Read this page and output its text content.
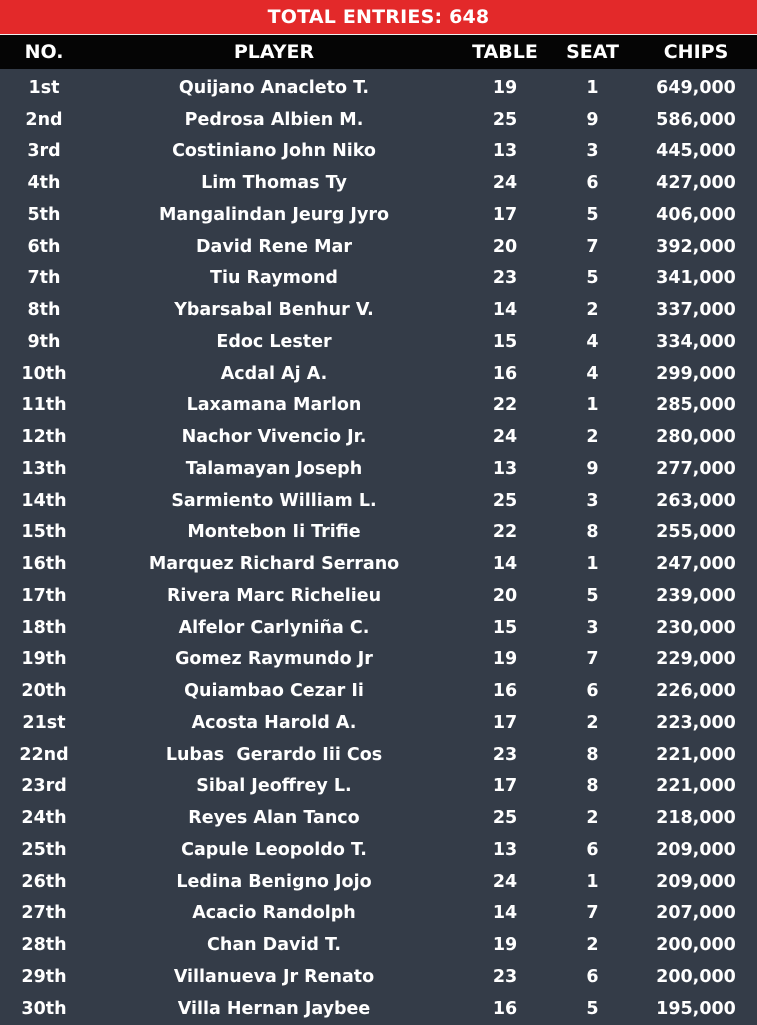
TOTAL ENTRIES: 648
NO.	PLAYER	TABLE	SEAT	CHIPS
1st	Quijano Anacleto T.	19	1	649,000
2nd	Pedrosa Albien M.	25	9	586,000
3rd	Costiniano John Niko	13	3	445,000
4th	Lim Thomas Ty	24	6	427,000
5th	Mangalindan Jeurg Jyro	17	5	406,000
6th	David Rene Mar	20	7	392,000
7th	Tiu Raymond	23	5	341,000
8th	Ybarsabal Benhur V.	14	2	337,000
9th	Edoc Lester	15	4	334,000
10th	Acdal Aj A.	16	4	299,000
11th	Laxamana Marlon	22	1	285,000
12th	Nachor Vivencio Jr.	24	2	280,000
13th	Talamayan Joseph	13	9	277,000
14th	Sarmiento William L.	25	3	263,000
15th	Montebon Ii Trifie	22	8	255,000
16th	Marquez Richard Serrano	14	1	247,000
17th	Rivera Marc Richelieu	20	5	239,000
18th	Alfelor Carlyniña C.	15	3	230,000
19th	Gomez Raymundo Jr	19	7	229,000
20th	Quiambao Cezar Ii	16	6	226,000
21st	Acosta Harold A.	17	2	223,000
22nd	Lubas  Gerardo Iii Cos	23	8	221,000
23rd	Sibal Jeoffrey L.	17	8	221,000
24th	Reyes Alan Tanco	25	2	218,000
25th	Capule Leopoldo T.	13	6	209,000
26th	Ledina Benigno Jojo	24	1	209,000
27th	Acacio Randolph	14	7	207,000
28th	Chan David T.	19	2	200,000
29th	Villanueva Jr Renato	23	6	200,000
30th	Villa Hernan Jaybee	16	5	195,000
